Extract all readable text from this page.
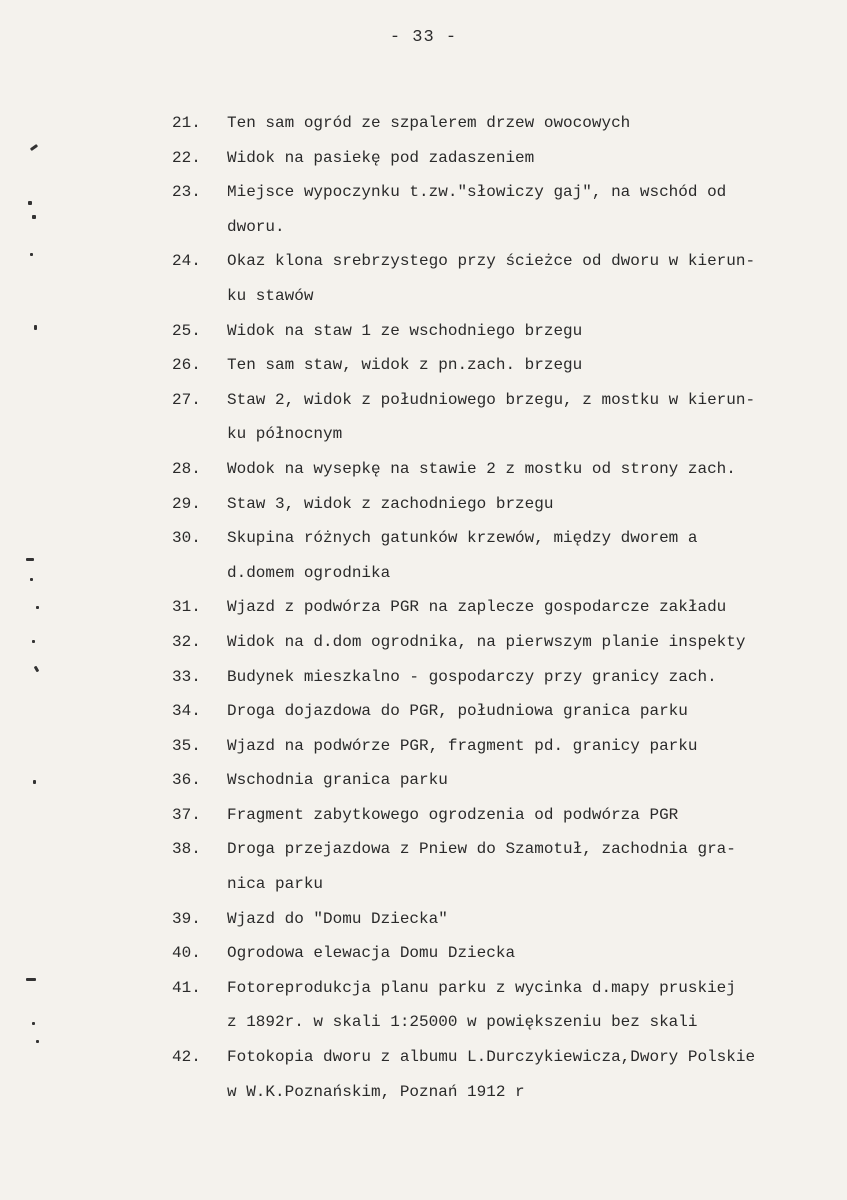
- 33 -
21.	Ten sam ogród ze szpalerem drzew owocowych
22.	Widok na pasiekę pod zadaszeniem
23.	Miejsce wypoczynku t.zw."słowiczy gaj", na wschód od
dworu.
24.	Okaz klona srebrzystego przy ścieżce od dworu w kierun-
ku stawów
25.	Widok na staw 1 ze wschodniego brzegu
26.	Ten sam staw, widok z pn.zach. brzegu
27.	Staw 2, widok z południowego brzegu, z mostku w kierun-
ku północnym
28.	Wodok na wysepkę na stawie 2 z mostku od strony zach.
29.	Staw 3, widok z zachodniego brzegu
30.	Skupina różnych gatunków krzewów, między dworem a
d.domem ogrodnika
31.	Wjazd z podwórza PGR na zaplecze gospodarcze zakładu
32.	Widok na d.dom ogrodnika, na pierwszym planie inspekty
33.	Budynek mieszkalno - gospodarczy przy granicy zach.
34.	Droga dojazdowa do PGR, południowa granica parku
35.	Wjazd na podwórze PGR, fragment pd. granicy parku
36.	Wschodnia granica parku
37.	Fragment zabytkowego ogrodzenia od podwórza PGR
38.	Droga przejazdowa z Pniew do Szamotuł, zachodnia gra-
nica parku
39.	Wjazd do "Domu Dziecka"
40.	Ogrodowa elewacja Domu Dziecka
41.	Fotoreprodukcja planu parku z wycinka d.mapy pruskiej
z 1892r. w skali 1:25000 w powiększeniu bez skali
42.	Fotokopia dworu z albumu L.Durczykiewicza,Dwory Polskie
w W.K.Poznańskim, Poznań 1912 r
